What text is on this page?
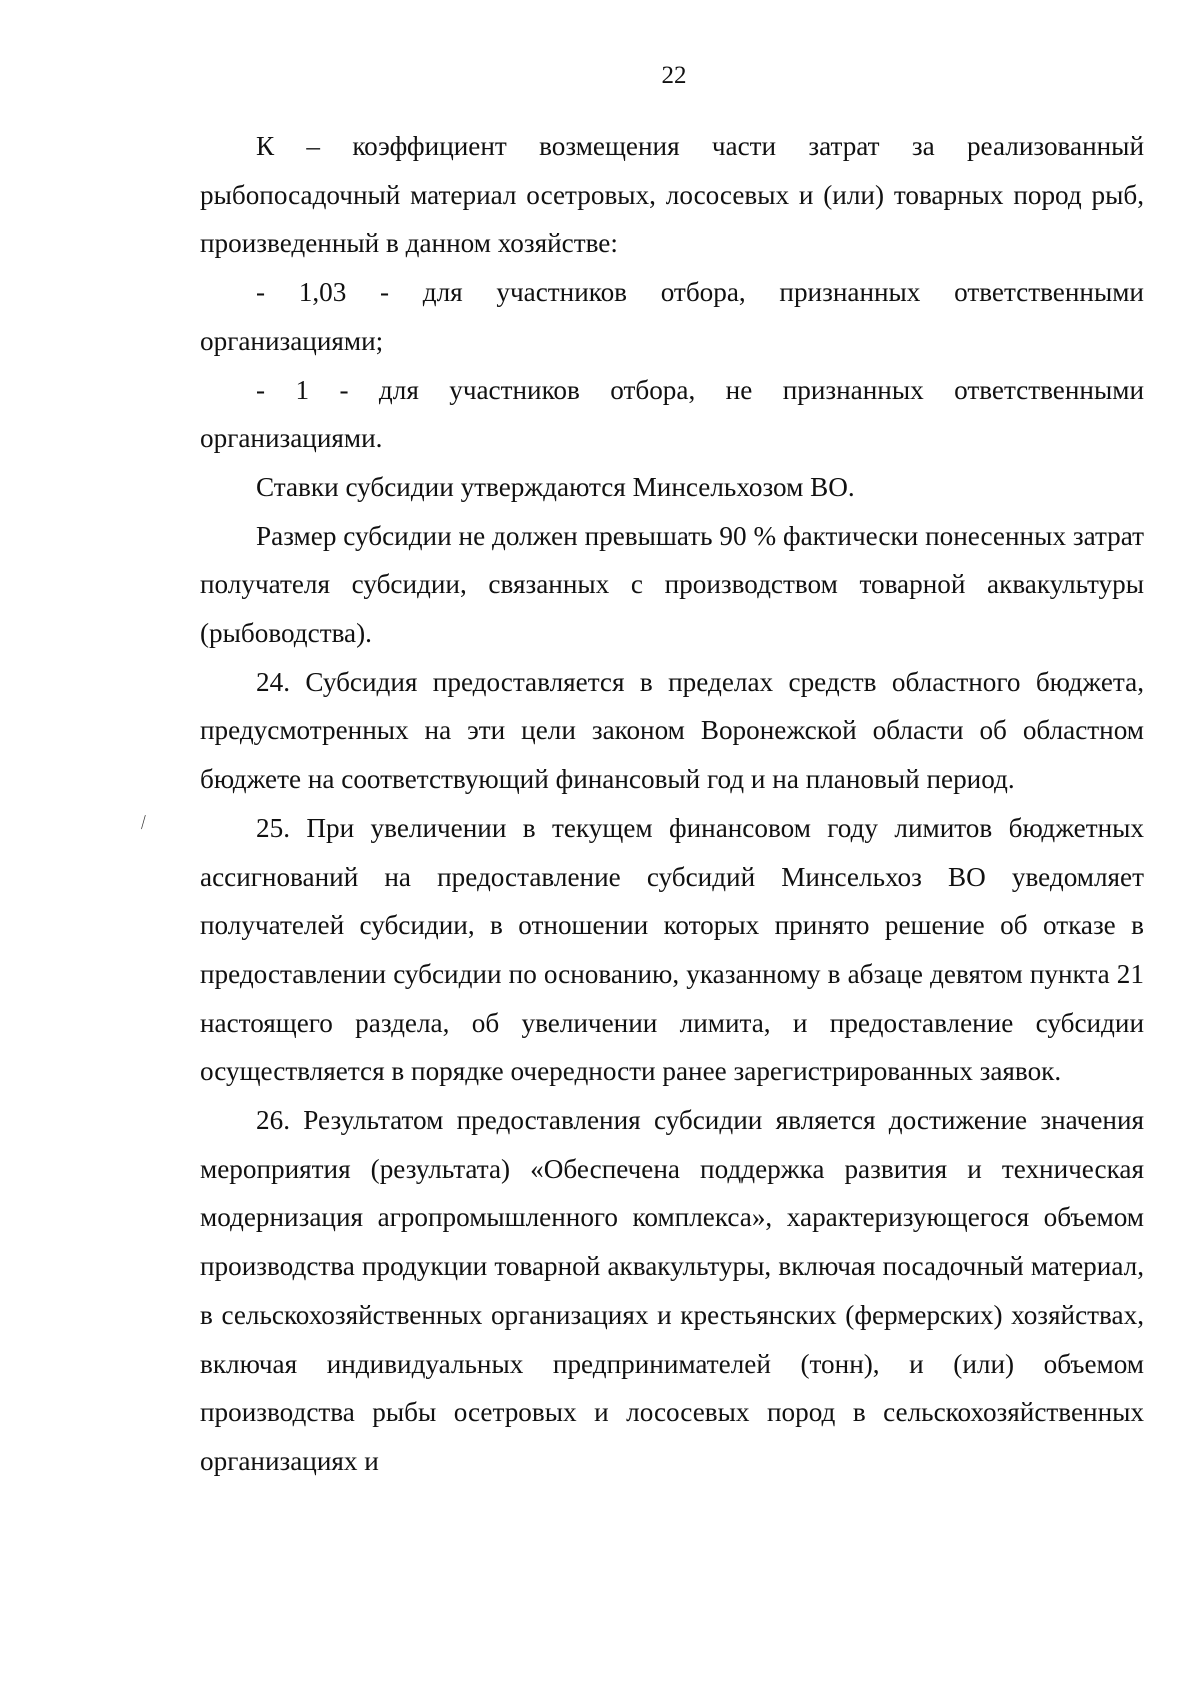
22
⁄

К – коэффициент возмещения части затрат за реализованный рыбопосадочный материал осетровых, лососевых и (или) товарных пород рыб, произведенный в данном хозяйстве:

- 1,03 - для участников отбора, признанных ответственными организациями;

- 1 - для участников отбора, не признанных ответственными организациями.

Ставки субсидии утверждаются Минсельхозом ВО.

Размер субсидии не должен превышать 90 % фактически понесенных затрат получателя субсидии, связанных с производством товарной аквакультуры (рыбоводства).

24. Субсидия предоставляется в пределах средств областного бюджета, предусмотренных на эти цели законом Воронежской области об областном бюджете на соответствующий финансовый год и на плановый период.

25. При увеличении в текущем финансовом году лимитов бюджетных ассигнований на предоставление субсидий Минсельхоз ВО уведомляет получателей субсидии, в отношении которых принято решение об отказе в предоставлении субсидии по основанию, указанному в абзаце девятом пункта 21 настоящего раздела, об увеличении лимита, и предоставление субсидии осуществляется в порядке очередности ранее зарегистрированных заявок.

26. Результатом предоставления субсидии является достижение значения мероприятия (результата) «Обеспечена поддержка развития и техническая модернизация агропромышленного комплекса», характеризующегося объемом производства продукции товарной аквакультуры, включая посадочный материал, в сельскохозяйственных организациях и крестьянских (фермерских) хозяйствах, включая индивидуальных предпринимателей (тонн), и (или) объемом производства рыбы осетровых и лососевых пород в сельскохозяйственных организациях и
